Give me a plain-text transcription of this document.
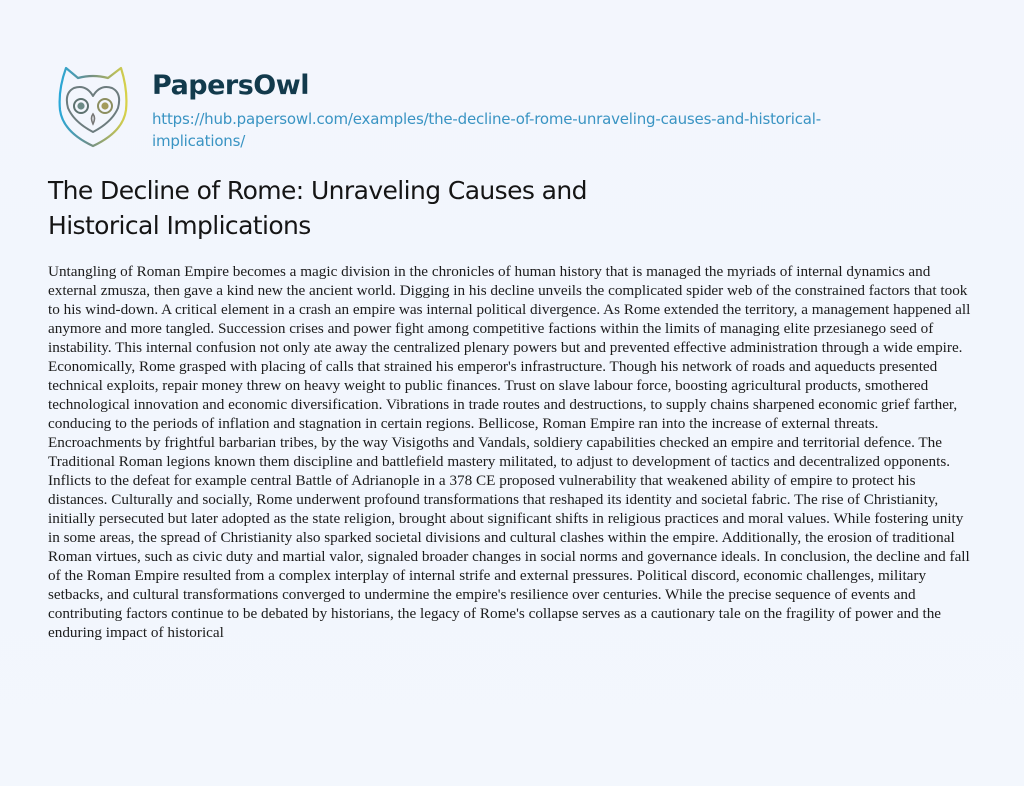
PapersOwl
https://hub.papersowl.com/examples/the-decline-of-rome-unraveling-causes-and-historical-
implications/
The Decline of Rome: Unraveling Causes and
Historical Implications

Untangling of Roman Empire becomes a magic division in the chronicles of human history that is managed the myriads of internal dynamics and external zmusza, then gave a kind new the ancient world. Digging in his decline unveils the complicated spider web of the constrained factors that took to his wind-down. A critical element in a crash an empire was internal political divergence. As Rome extended the territory, a management happened all anymore and more tangled. Succession crises and power fight among competitive factions within the limits of managing elite przesianego seed of instability. This internal confusion not only ate away the centralized plenary powers but and prevented effective administration through a wide empire. Economically, Rome grasped with placing of calls that strained his emperor's infrastructure. Though his network of roads and aqueducts presented technical exploits, repair money threw on heavy weight to public finances. Trust on slave labour force, boosting agricultural products, smothered technological innovation and economic diversification. Vibrations in trade routes and destructions, to supply chains sharpened economic grief farther, conducing to the periods of inflation and stagnation in certain regions. Bellicose, Roman Empire ran into the increase of external threats. Encroachments by frightful barbarian tribes, by the way Visigoths and Vandals, soldiery capabilities checked an empire and territorial defence. The Traditional Roman legions known them discipline and battlefield mastery militated, to adjust to development of tactics and decentralized opponents. Inflicts to the defeat for example central Battle of Adrianople in a 378 CE proposed vulnerability that weakened ability of empire to protect his distances. Culturally and socially, Rome underwent profound transformations that reshaped its identity and societal fabric. The rise of Christianity, initially persecuted but later adopted as the state religion, brought about significant shifts in religious practices and moral values. While fostering unity in some areas, the spread of Christianity also sparked societal divisions and cultural clashes within the empire. Additionally, the erosion of traditional Roman virtues, such as civic duty and martial valor, signaled broader changes in social norms and governance ideals. In conclusion, the decline and fall of the Roman Empire resulted from a complex interplay of internal strife and external pressures. Political discord, economic challenges, military setbacks, and cultural transformations converged to undermine the empire's resilience over centuries. While the precise sequence of events and contributing factors continue to be debated by historians, the legacy of Rome's collapse serves as a cautionary tale on the fragility of power and the enduring impact of historical
